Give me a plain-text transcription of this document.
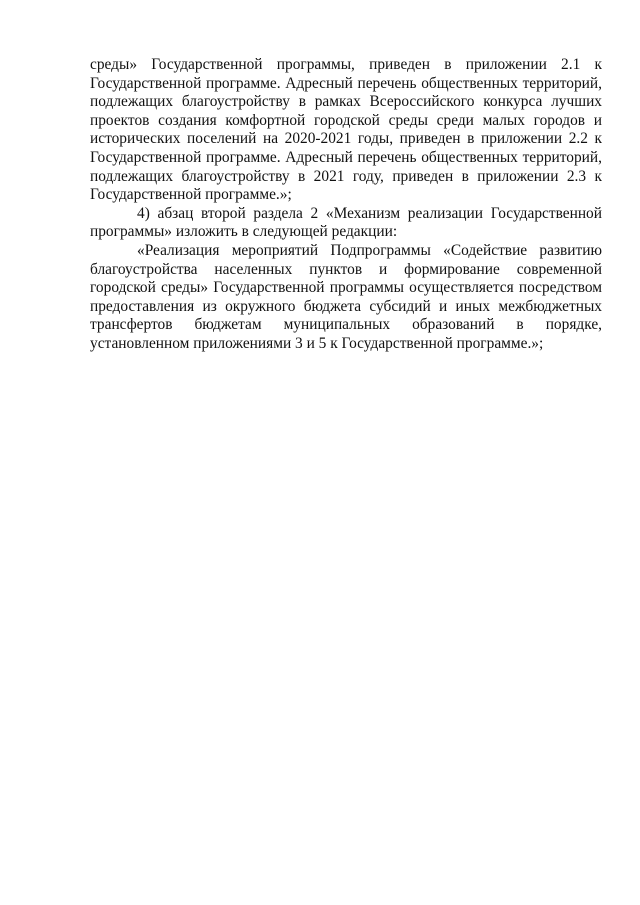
среды» Государственной программы, приведен в приложении 2.1 к Государственной программе. Адресный перечень общественных территорий, подлежащих благоустройству в рамках Всероссийского конкурса лучших проектов создания комфортной городской среды среди малых городов и исторических поселений на 2020-2021 годы, приведен в приложении 2.2 к Государственной программе. Адресный перечень общественных территорий, подлежащих благоустройству в 2021 году, приведен в приложении 2.3 к Государственной программе.»;

4) абзац второй раздела 2 «Механизм реализации Государственной программы» изложить в следующей редакции:

«Реализация мероприятий Подпрограммы «Содействие развитию благоустройства населенных пунктов и формирование современной городской среды» Государственной программы осуществляется посредством предоставления из окружного бюджета субсидий и иных межбюджетных трансфертов бюджетам муниципальных образований в порядке, установленном приложениями 3 и 5 к Государственной программе.»;
